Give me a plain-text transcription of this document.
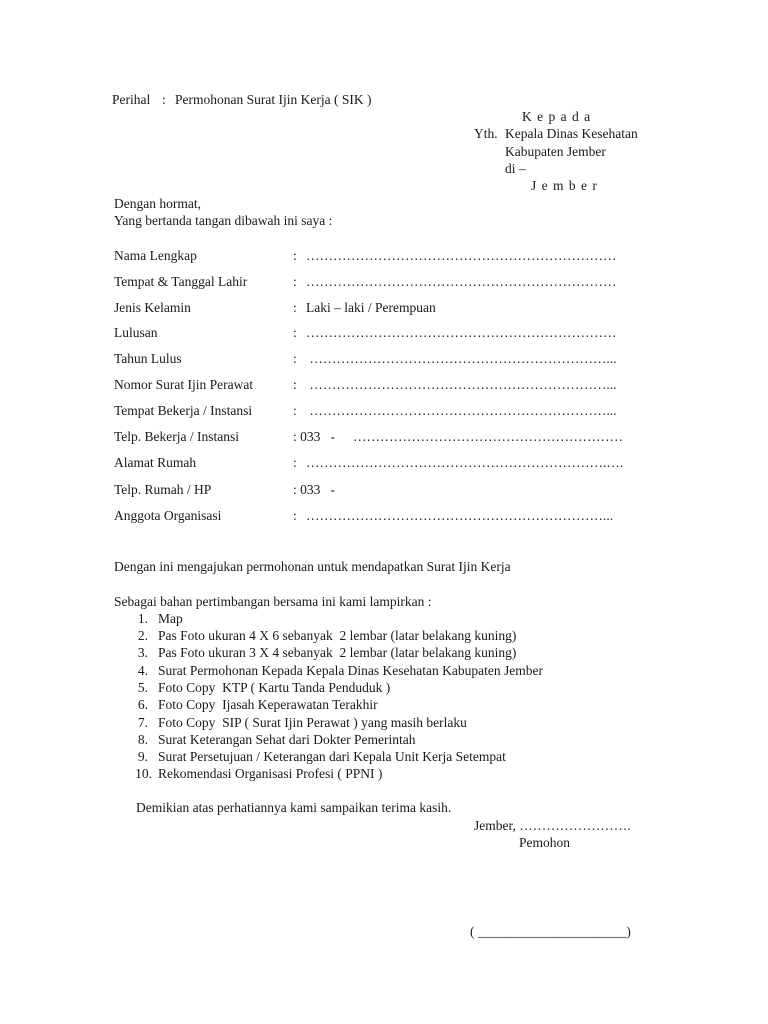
Perihal : Permohonan Surat Ijin Kerja ( SIK )
K e p a d a
Yth. Kepala Dinas Kesehatan
Kabupaten Jember
di –
J e m b e r
Dengan hormat,
Yang bertanda tangan dibawah ini saya :
Nama Lengkap	: ……………………………………………………………
Tempat & Tanggal Lahir	: ……………………………………………………………
Jenis Kelamin	: Laki – laki / Perempuan
Lulusan	: ……………………………………………………………
Tahun Lulus	: …………………………………………………………...
Nomor Surat Ijin Perawat	: …………………………………………………………...
Tempat Bekerja / Instansi	: …………………………………………………………...
Telp. Bekerja / Instansi	: 033   - ……………………………………………………
Alamat Rumah	: ………………………………………………………….….
Telp. Rumah / HP	: 033   -
Anggota Organisasi	: …………………………………………………………...
Dengan ini mengajukan permohonan untuk mendapatkan Surat Ijin Kerja
Sebagai bahan pertimbangan bersama ini kami lampirkan :
1. Map
2. Pas Foto ukuran 4 X 6 sebanyak  2 lembar (latar belakang kuning)
3. Pas Foto ukuran 3 X 4 sebanyak  2 lembar (latar belakang kuning)
4. Surat Permohonan Kepada Kepala Dinas Kesehatan Kabupaten Jember
5. Foto Copy  KTP ( Kartu Tanda Penduduk )
6. Foto Copy  Ijasah Keperawatan Terakhir
7. Foto Copy  SIP ( Surat Ijin Perawat ) yang masih berlaku
8. Surat Keterangan Sehat dari Dokter Pemerintah
9. Surat Persetujuan / Keterangan dari Kepala Unit Kerja Setempat
10. Rekomendasi Organisasi Profesi ( PPNI )
Demikian atas perhatiannya kami sampaikan terima kasih.
Jember, …………………….
Pemohon
( ______________________)
